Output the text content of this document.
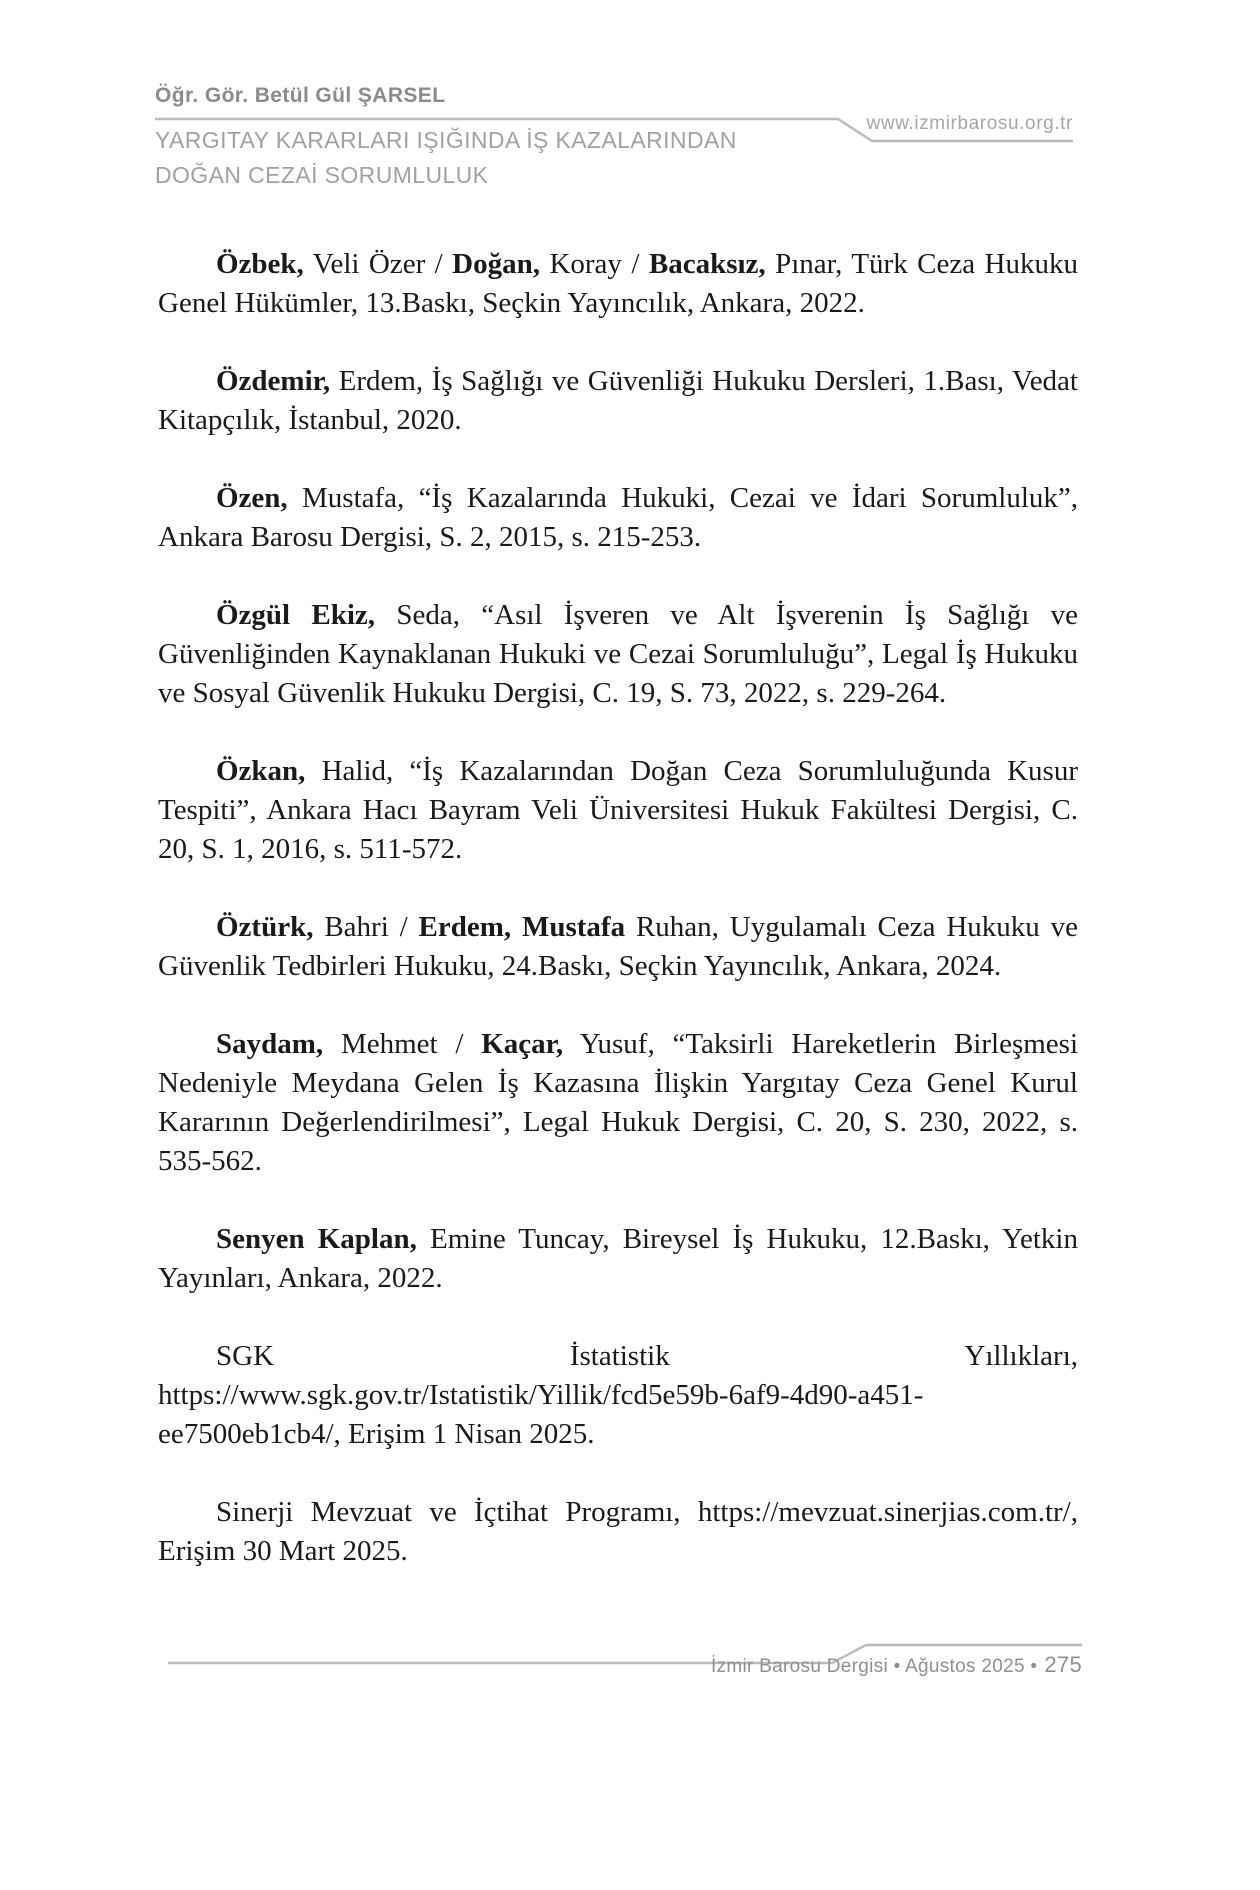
Öğr. Gör. Betül Gül ŞARSEL
www.izmirbarosu.org.tr
YARGITAY KARARLARI IŞIĞINDA İŞ KAZALARINDAN
DOĞAN CEZAİ SORUMLULUK

Özbek, Veli Özer / Doğan, Koray / Bacaksız, Pınar, Türk Ceza Hukuku Genel Hükümler, 13.Baskı, Seçkin Yayıncılık, Ankara, 2022.

Özdemir, Erdem, İş Sağlığı ve Güvenliği Hukuku Dersleri, 1.Bası, Vedat Kitapçılık, İstanbul, 2020.

Özen, Mustafa, “İş Kazalarında Hukuki, Cezai ve İdari Sorumluluk”, Ankara Barosu Dergisi, S. 2, 2015, s. 215-253.

Özgül Ekiz, Seda, “Asıl İşveren ve Alt İşverenin İş Sağlığı ve Güvenliğinden Kaynaklanan Hukuki ve Cezai Sorumluluğu”, Legal İş Hukuku ve Sosyal Güvenlik Hukuku Dergisi, C. 19, S. 73, 2022, s. 229-264.

Özkan, Halid, “İş Kazalarından Doğan Ceza Sorumluluğunda Kusur Tespiti”, Ankara Hacı Bayram Veli Üniversitesi Hukuk Fakültesi Dergisi, C. 20, S. 1, 2016, s. 511-572.

Öztürk, Bahri / Erdem, Mustafa Ruhan, Uygulamalı Ceza Hukuku ve Güvenlik Tedbirleri Hukuku, 24.Baskı, Seçkin Yayıncılık, Ankara, 2024.

Saydam, Mehmet / Kaçar, Yusuf, “Taksirli Hareketlerin Birleşmesi Nedeniyle Meydana Gelen İş Kazasına İlişkin Yargıtay Ceza Genel Kurul Kararının Değerlendirilmesi”, Legal Hukuk Dergisi, C. 20, S. 230, 2022, s. 535-562.

Senyen Kaplan, Emine Tuncay, Bireysel İş Hukuku, 12.Baskı, Yetkin Yayınları, Ankara, 2022.

SGK İstatistik Yıllıkları, https://www.sgk.gov.tr/Istatistik/Yillik/fcd5e59b-6af9-4d90-a451-ee7500eb1cb4/, Erişim 1 Nisan 2025.

Sinerji Mevzuat ve İçtihat Programı, https://mevzuat.sinerjias.com.tr/, Erişim 30 Mart 2025.

İzmir Barosu Dergisi • Ağustos 2025 • 275
